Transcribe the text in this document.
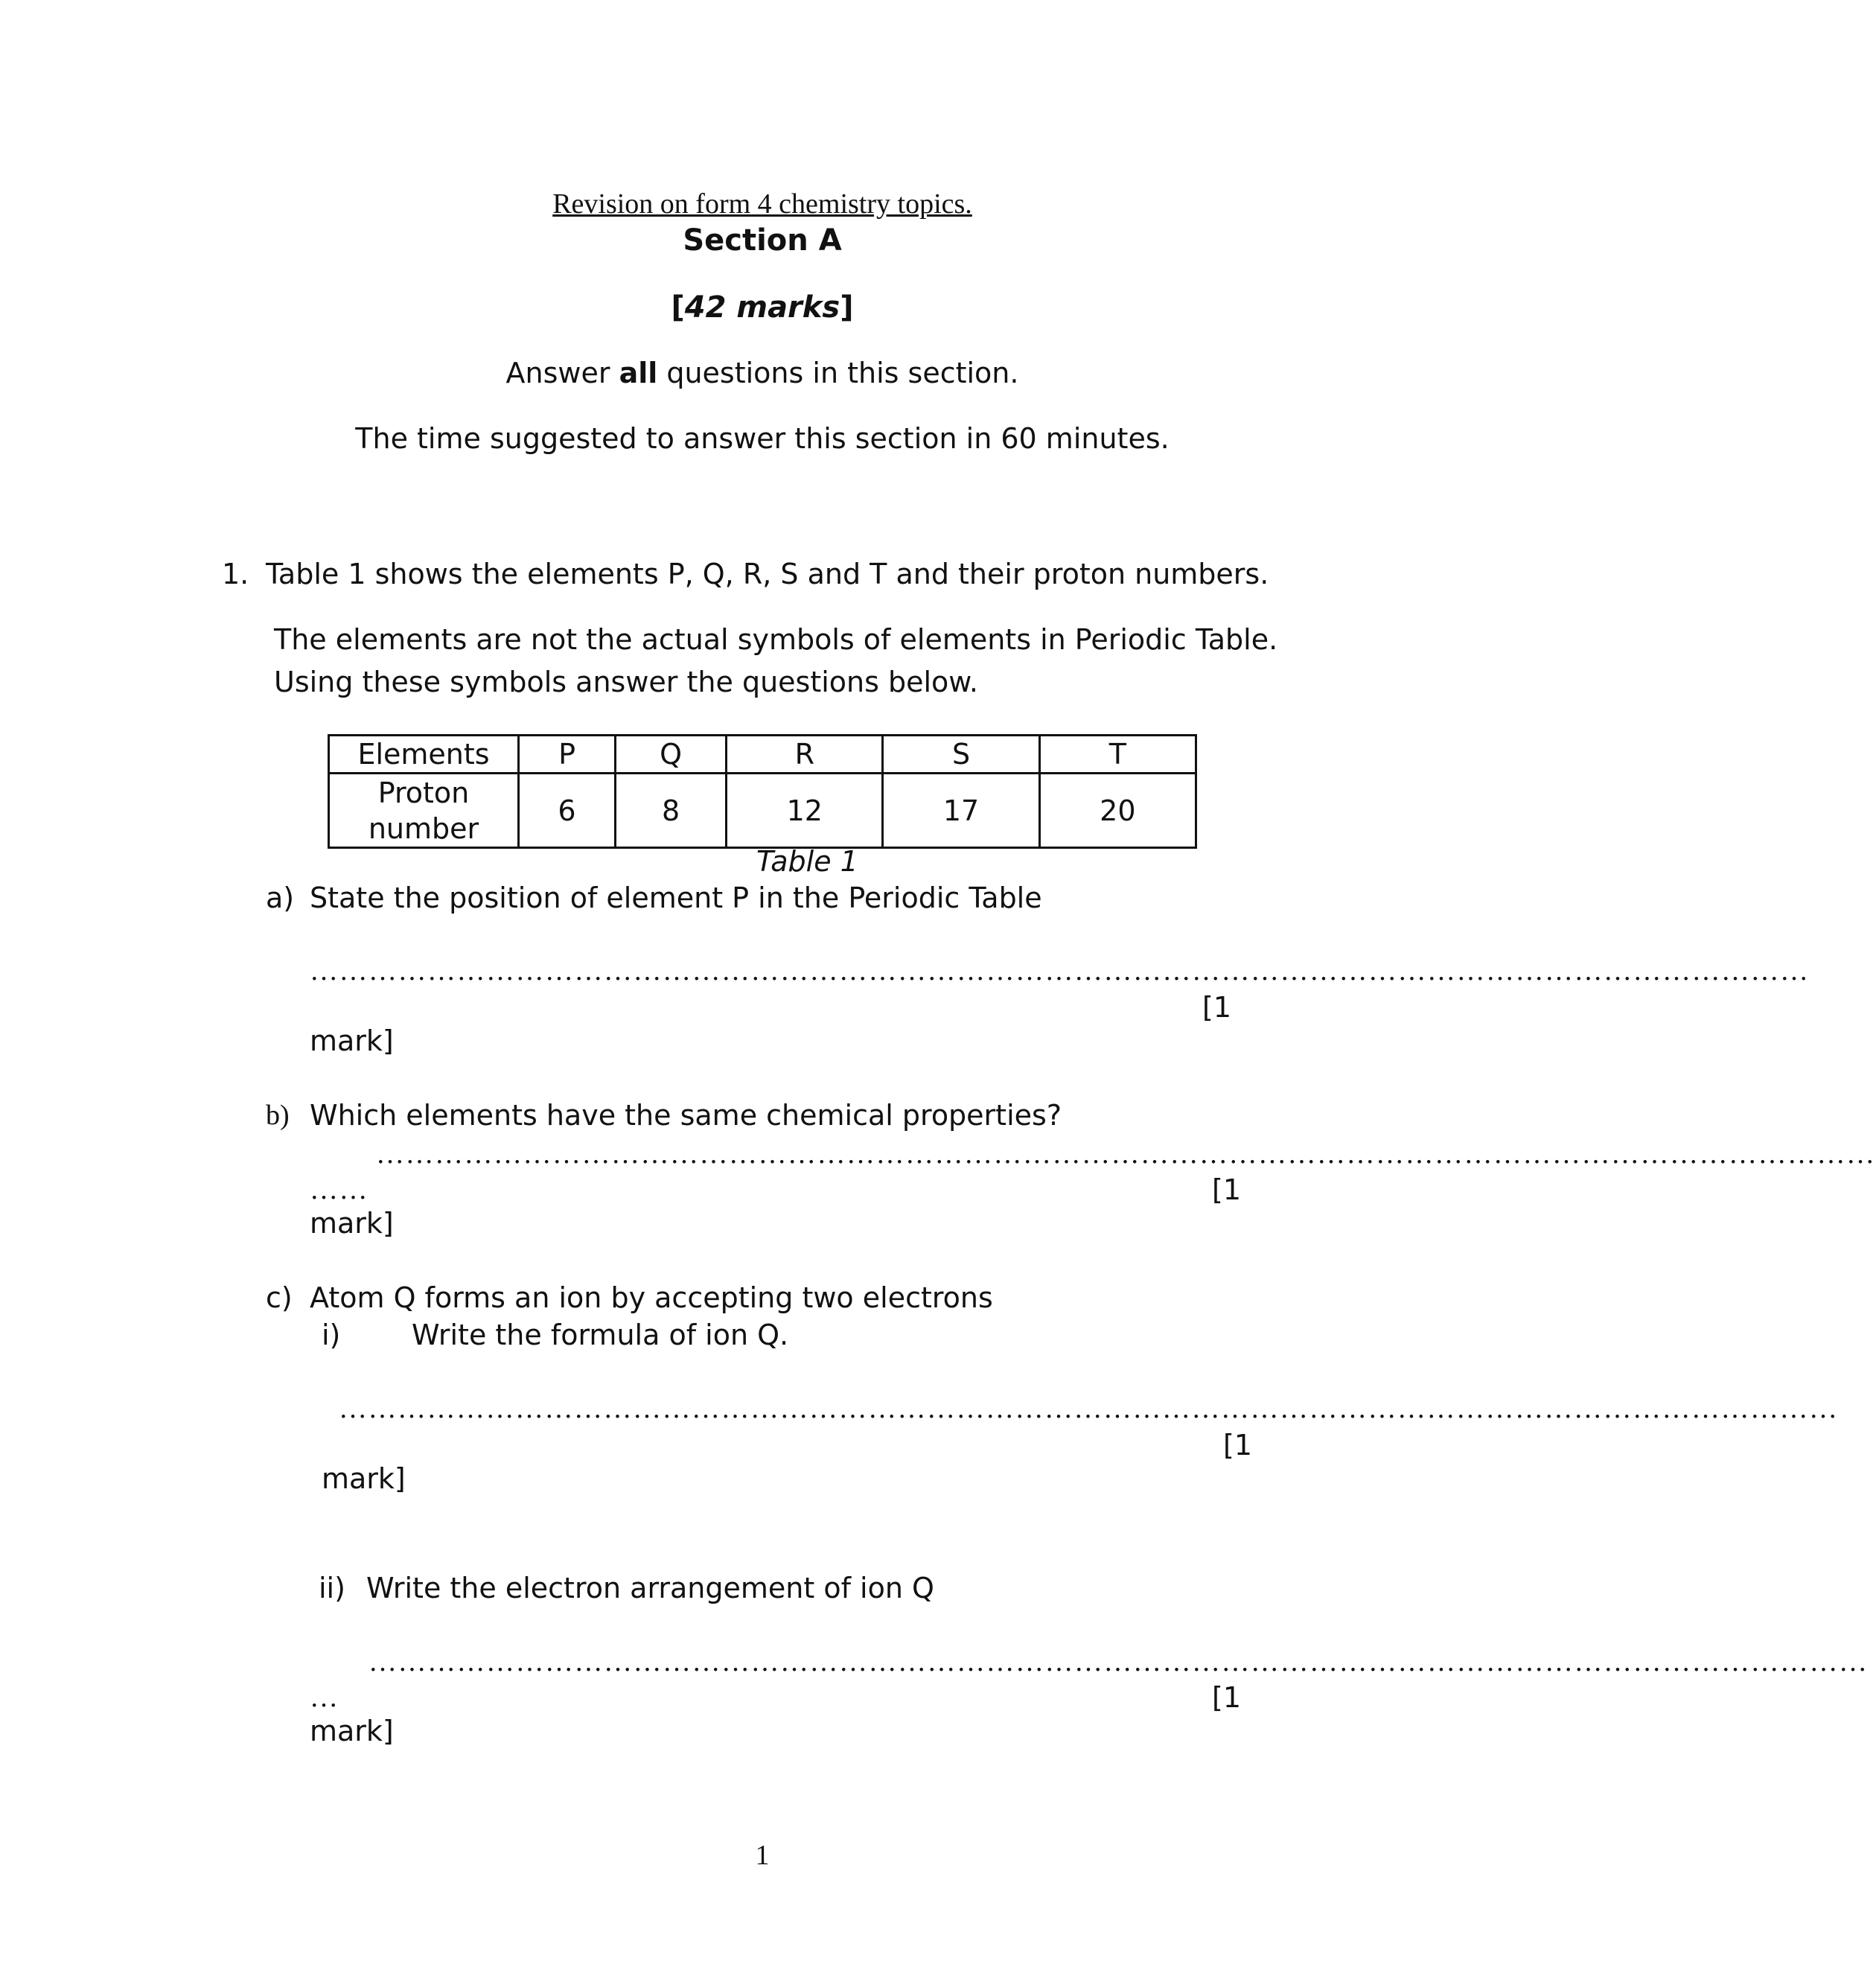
Revision on form 4 chemistry topics.
Section A
[42 marks]
Answer all questions in this section.
The time suggested to answer this section in 60 minutes.
1. Table 1 shows the elements P, Q, R, S and T and their proton numbers.
The elements are not the actual symbols of elements in Periodic Table.
Using these symbols answer the questions below.
Elements	P	Q	R	S	T

Proton
number	6	8	12	17	20
Table 1
a) State the position of element P in the Periodic Table
………………………………………………………………………………………………………………………………………
[1
mark]
b) Which elements have the same chemical properties?
………………………………………………………………………………………………………………………………………
……	[1
mark]
c) Atom Q forms an ion by accepting two electrons
i)	Write the formula of ion Q.
………………………………………………………………………………………………………………………………………
[1
mark]
ii) Write the electron arrangement of ion Q
………………………………………………………………………………………………………………………………………
…	[1
mark]
1
